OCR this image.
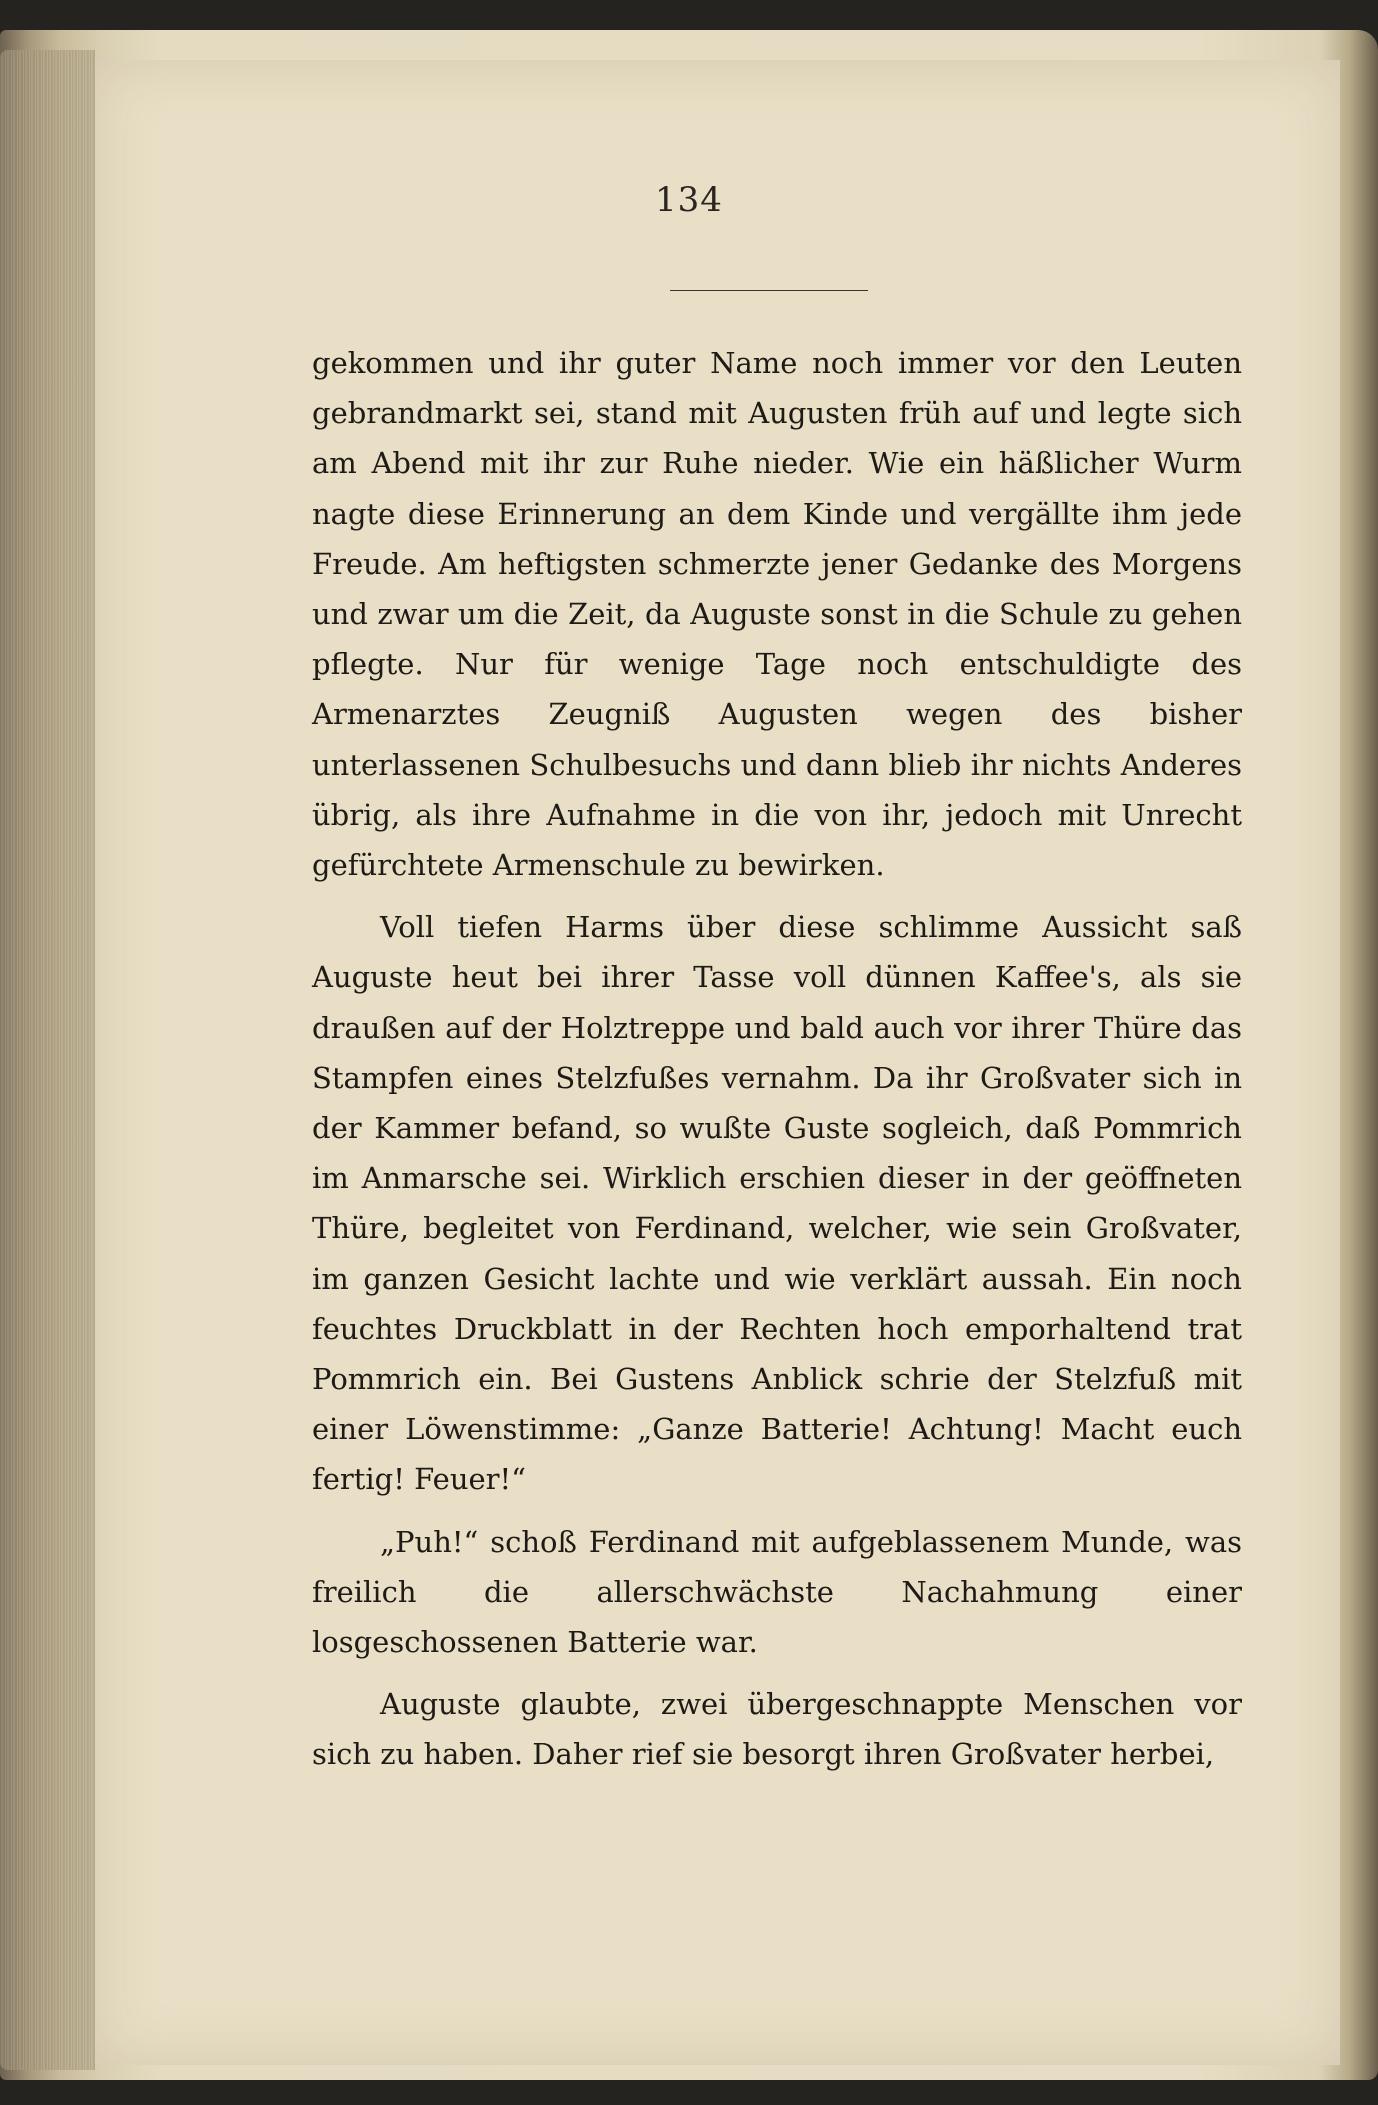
134

gekommen und ihr guter Name noch immer vor den Leuten gebrandmarkt sei, stand mit Augusten früh auf und legte sich am Abend mit ihr zur Ruhe nieder. Wie ein häßlicher Wurm nagte diese Erinnerung an dem Kinde und vergällte ihm jede Freude. Am heftigsten schmerzte jener Gedanke des Morgens und zwar um die Zeit, da Auguste sonst in die Schule zu gehen pflegte. Nur für wenige Tage noch entschuldigte des Armenarztes Zeugniß Augusten wegen des bisher unterlassenen Schulbesuchs und dann blieb ihr nichts Anderes übrig, als ihre Aufnahme in die von ihr, jedoch mit Unrecht gefürchtete Armenschule zu bewirken.

Voll tiefen Harms über diese schlimme Aussicht saß Auguste heut bei ihrer Tasse voll dünnen Kaffee's, als sie draußen auf der Holztreppe und bald auch vor ihrer Thüre das Stampfen eines Stelzfußes vernahm. Da ihr Großvater sich in der Kammer befand, so wußte Guste sogleich, daß Pommrich im Anmarsche sei. Wirklich erschien dieser in der geöffneten Thüre, begleitet von Ferdinand, welcher, wie sein Großvater, im ganzen Gesicht lachte und wie verklärt aussah. Ein noch feuchtes Druckblatt in der Rechten hoch emporhaltend trat Pommrich ein. Bei Gustens Anblick schrie der Stelzfuß mit einer Löwenstimme: „Ganze Batterie! Achtung! Macht euch fertig! Feuer!“

„Puh!“ schoß Ferdinand mit aufgeblassenem Munde, was freilich die allerschwächste Nachahmung einer losgeschossenen Batterie war.

Auguste glaubte, zwei übergeschnappte Menschen vor sich zu haben. Daher rief sie besorgt ihren Großvater herbei,
